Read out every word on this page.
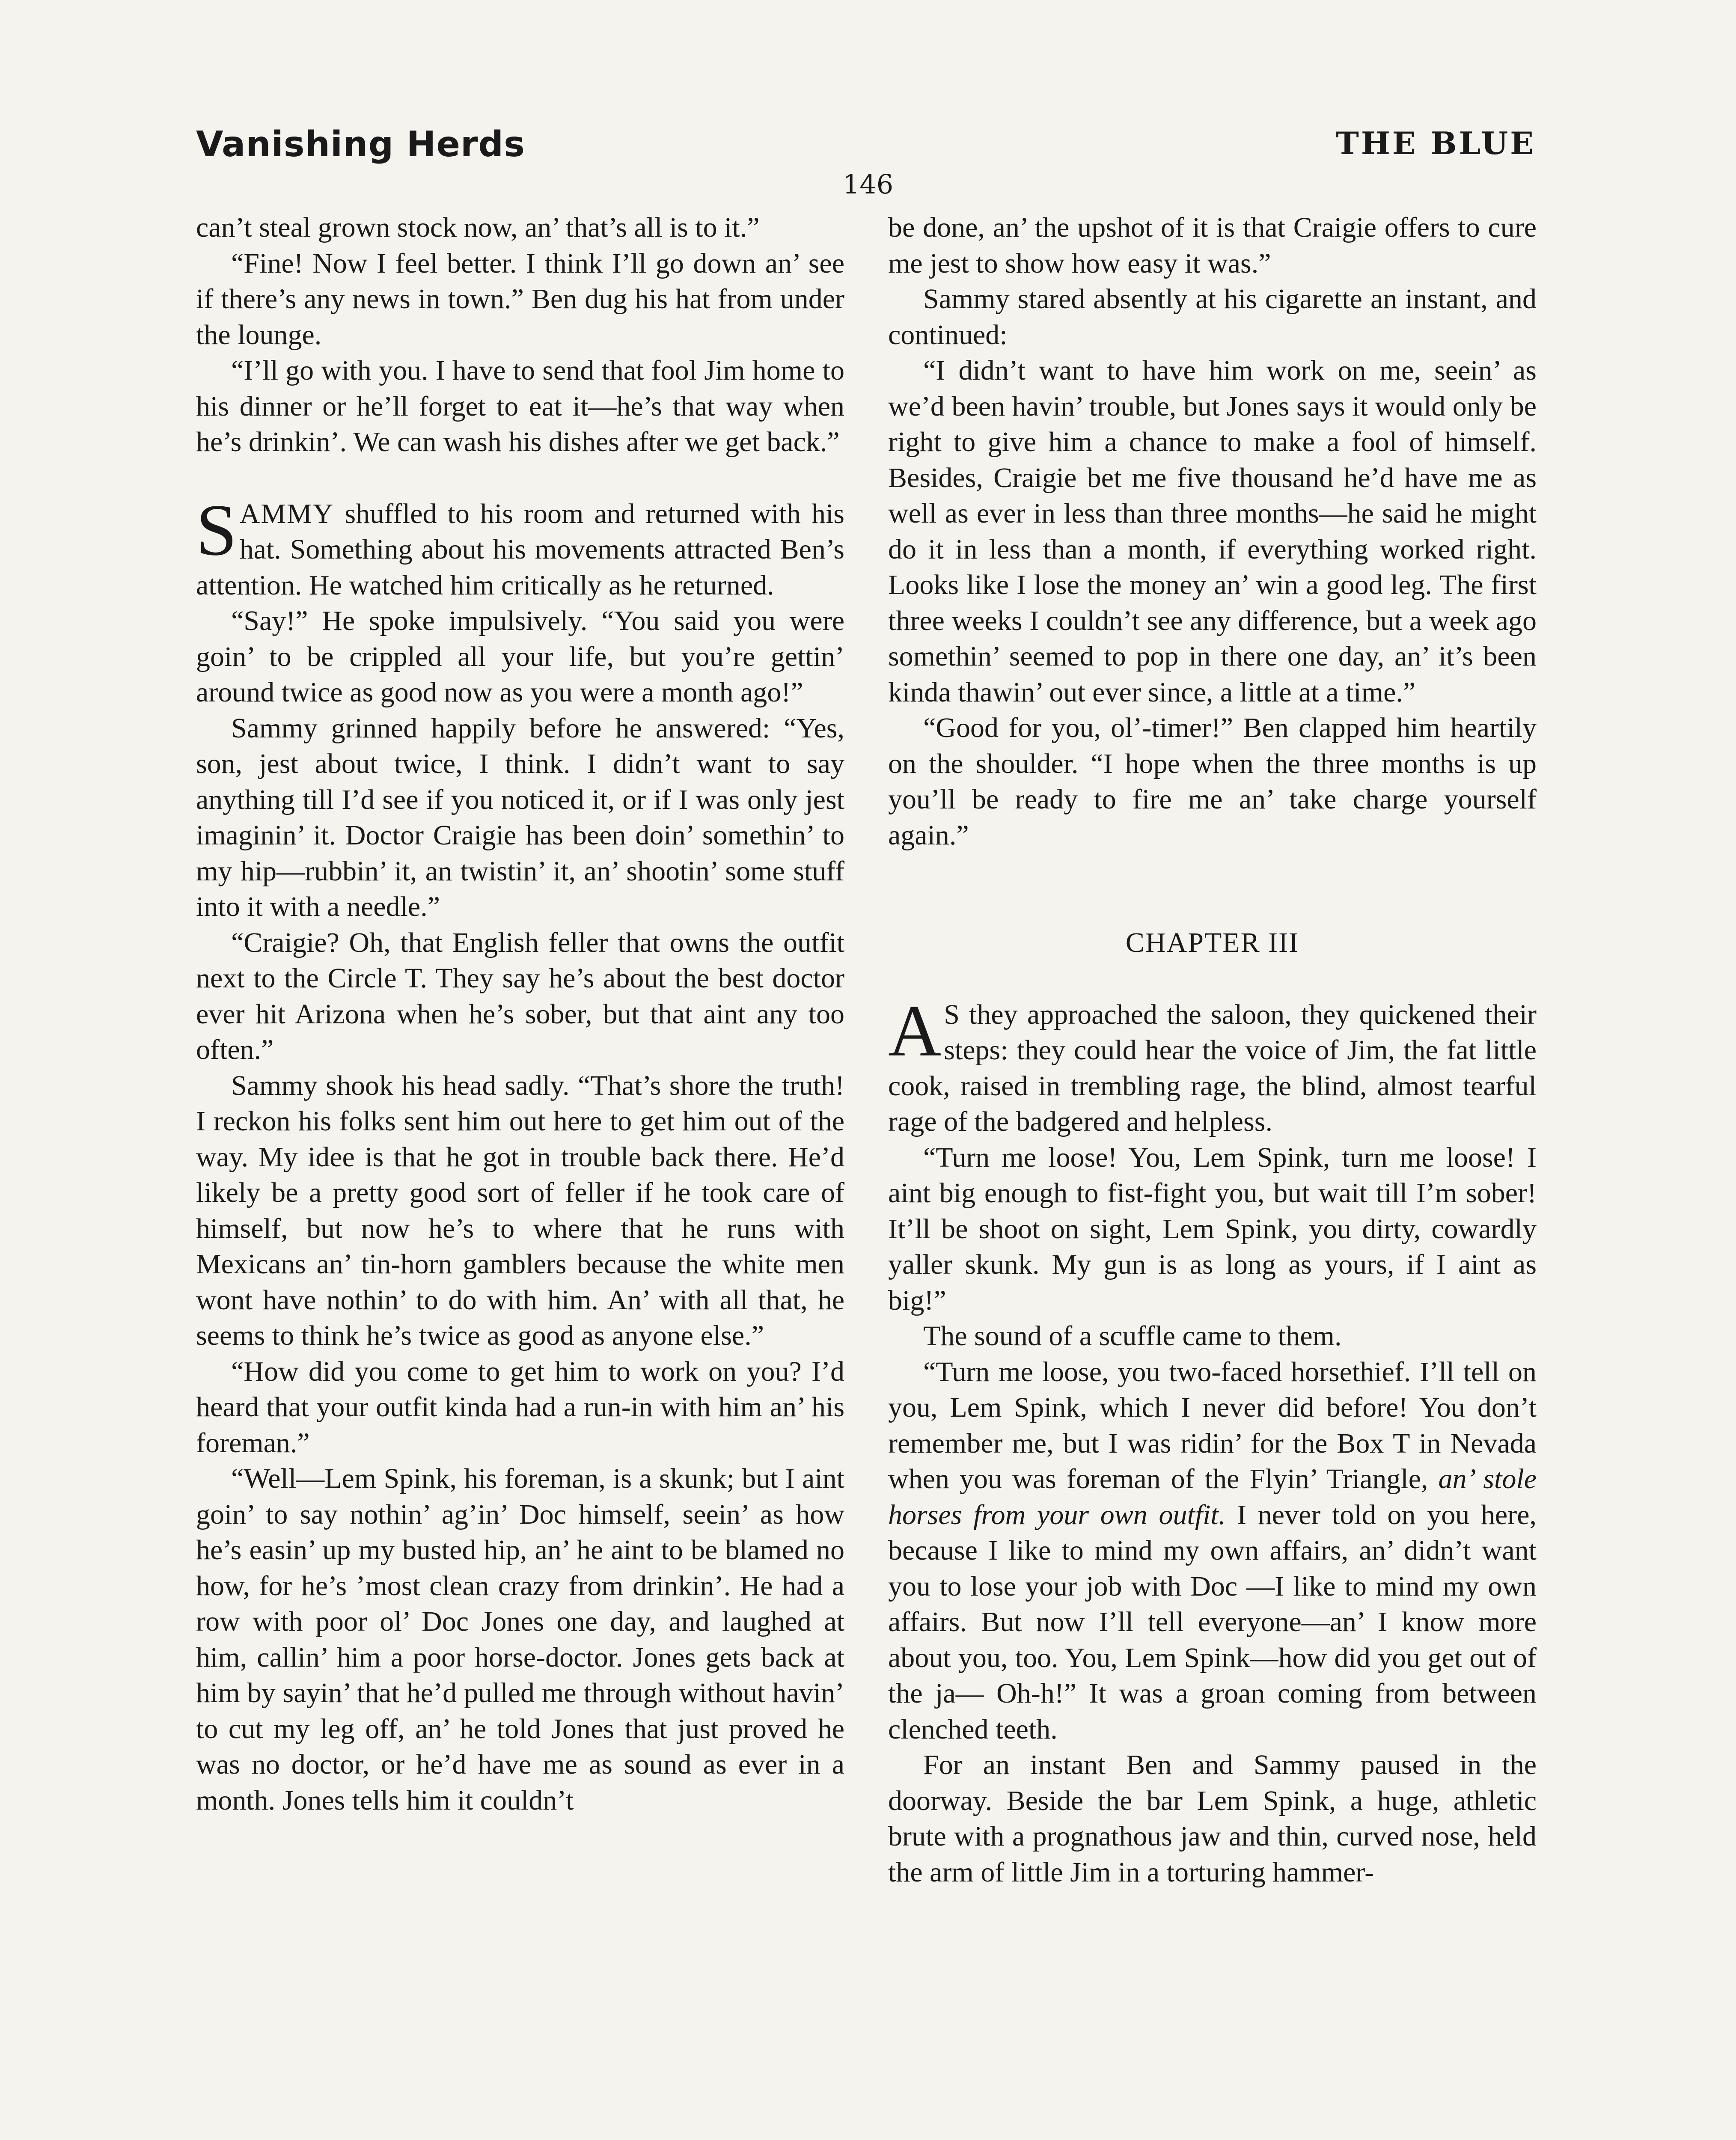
Vanishing Herds	THE BLUE
146

can’t steal grown stock now, an’ that’s all is to it.”

“Fine! Now I feel better. I think I’ll go down an’ see if there’s any news in town.” Ben dug his hat from under the lounge.

“I’ll go with you. I have to send that fool Jim home to his dinner or he’ll forget to eat it—he’s that way when he’s drinkin’. We can wash his dishes after we get back.”

SAMMY shuffled to his room and returned with his hat. Something about his movements attracted Ben’s attention. He watched him critically as he returned.

“Say!” He spoke impulsively. “You said you were goin’ to be crippled all your life, but you’re gettin’ around twice as good now as you were a month ago!”

Sammy grinned happily before he answered: “Yes, son, jest about twice, I think. I didn’t want to say anything till I’d see if you noticed it, or if I was only jest imaginin’ it. Doctor Craigie has been doin’ somethin’ to my hip—rubbin’ it, an twistin’ it, an’ shootin’ some stuff into it with a needle.”

“Craigie? Oh, that English feller that owns the outfit next to the Circle T. They say he’s about the best doctor ever hit Arizona when he’s sober, but that aint any too often.”

Sammy shook his head sadly. “That’s shore the truth! I reckon his folks sent him out here to get him out of the way. My idee is that he got in trouble back there. He’d likely be a pretty good sort of feller if he took care of himself, but now he’s to where that he runs with Mexicans an’ tin-horn gamblers because the white men wont have nothin’ to do with him. An’ with all that, he seems to think he’s twice as good as anyone else.”

“How did you come to get him to work on you? I’d heard that your outfit kinda had a run-in with him an’ his foreman.”

“Well—Lem Spink, his foreman, is a skunk; but I aint goin’ to say nothin’ ag’in’ Doc himself, seein’ as how he’s easin’ up my busted hip, an’ he aint to be blamed no how, for he’s ’most clean crazy from drinkin’. He had a row with poor ol’ Doc Jones one day, and laughed at him, callin’ him a poor horse-doctor. Jones gets back at him by sayin’ that he’d pulled me through without havin’ to cut my leg off, an’ he told Jones that just proved he was no doctor, or he’d have me as sound as ever in a month. Jones tells him it couldn’t

be done, an’ the upshot of it is that Craigie offers to cure me jest to show how easy it was.”

Sammy stared absently at his cigarette an instant, and continued:

“I didn’t want to have him work on me, seein’ as we’d been havin’ trouble, but Jones says it would only be right to give him a chance to make a fool of himself. Besides, Craigie bet me five thousand he’d have me as well as ever in less than three months—he said he might do it in less than a month, if everything worked right. Looks like I lose the money an’ win a good leg. The first three weeks I couldn’t see any difference, but a week ago somethin’ seemed to pop in there one day, an’ it’s been kinda thawin’ out ever since, a little at a time.”

“Good for you, ol’-timer!” Ben clapped him heartily on the shoulder. “I hope when the three months is up you’ll be ready to fire me an’ take charge yourself again.”

CHAPTER III

A S they approached the saloon, they quickened their steps: they could hear the voice of Jim, the fat little cook, raised in trembling rage, the blind, almost tearful rage of the badgered and helpless.

“Turn me loose! You, Lem Spink, turn me loose! I aint big enough to fist-fight you, but wait till I’m sober! It’ll be shoot on sight, Lem Spink, you dirty, cowardly yaller skunk. My gun is as long as yours, if I aint as big!”

The sound of a scuffle came to them.

“Turn me loose, you two-faced horsethief. I’ll tell on you, Lem Spink, which I never did before! You don’t remember me, but I was ridin’ for the Box T in Nevada when you was foreman of the Flyin’ Triangle, an’ stole horses from your own outfit. I never told on you here, because I like to mind my own affairs, an’ didn’t want you to lose your job with Doc —I like to mind my own affairs. But now I’ll tell everyone—an’ I know more about you, too. You, Lem Spink—how did you get out of the ja— Oh-h!” It was a groan coming from between clenched teeth.

For an instant Ben and Sammy paused in the doorway. Beside the bar Lem Spink, a huge, athletic brute with a prognathous jaw and thin, curved nose, held the arm of little Jim in a torturing hammer-
